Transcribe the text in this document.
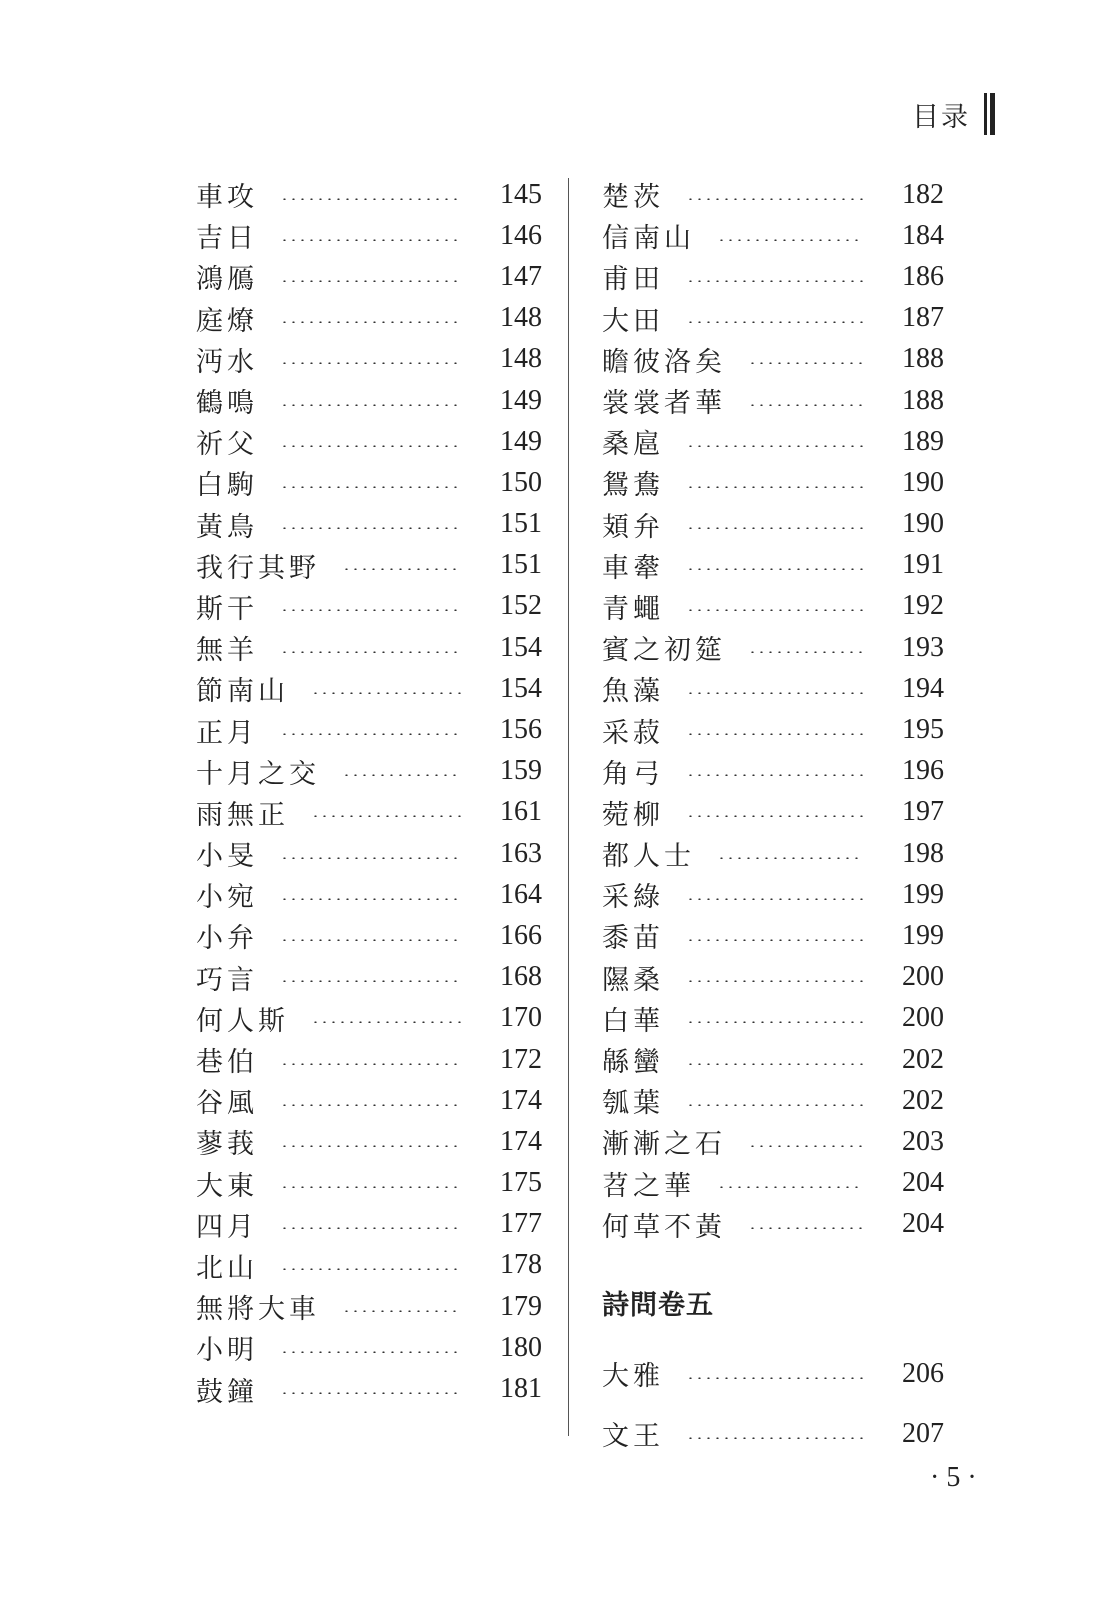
目录
車攻	145
吉日	146
鴻鴈	147
庭燎	148
沔水	148
鶴鳴	149
祈父	149
白駒	150
黃鳥	151
我行其野	151
斯干	152
無羊	154
節南山	154
正月	156
十月之交	159
雨無正	161
小旻	163
小宛	164
小弁	166
巧言	168
何人斯	170
巷伯	172
谷風	174
蓼莪	174
大東	175
四月	177
北山	178
無將大車	179
小明	180
鼓鐘	181
楚茨	182
信南山	184
甫田	186
大田	187
瞻彼洛矣	188
裳裳者華	188
桑扈	189
鴛鴦	190
頍弁	190
車舝	191
青蠅	192
賓之初筵	193
魚藻	194
采菽	195
角弓	196
菀柳	197
都人士	198
采綠	199
黍苗	199
隰桑	200
白華	200
緜蠻	202
瓠葉	202
漸漸之石	203
苕之華	204
何草不黃	204
詩問卷五
大雅	206
文王	207
· 5 ·
